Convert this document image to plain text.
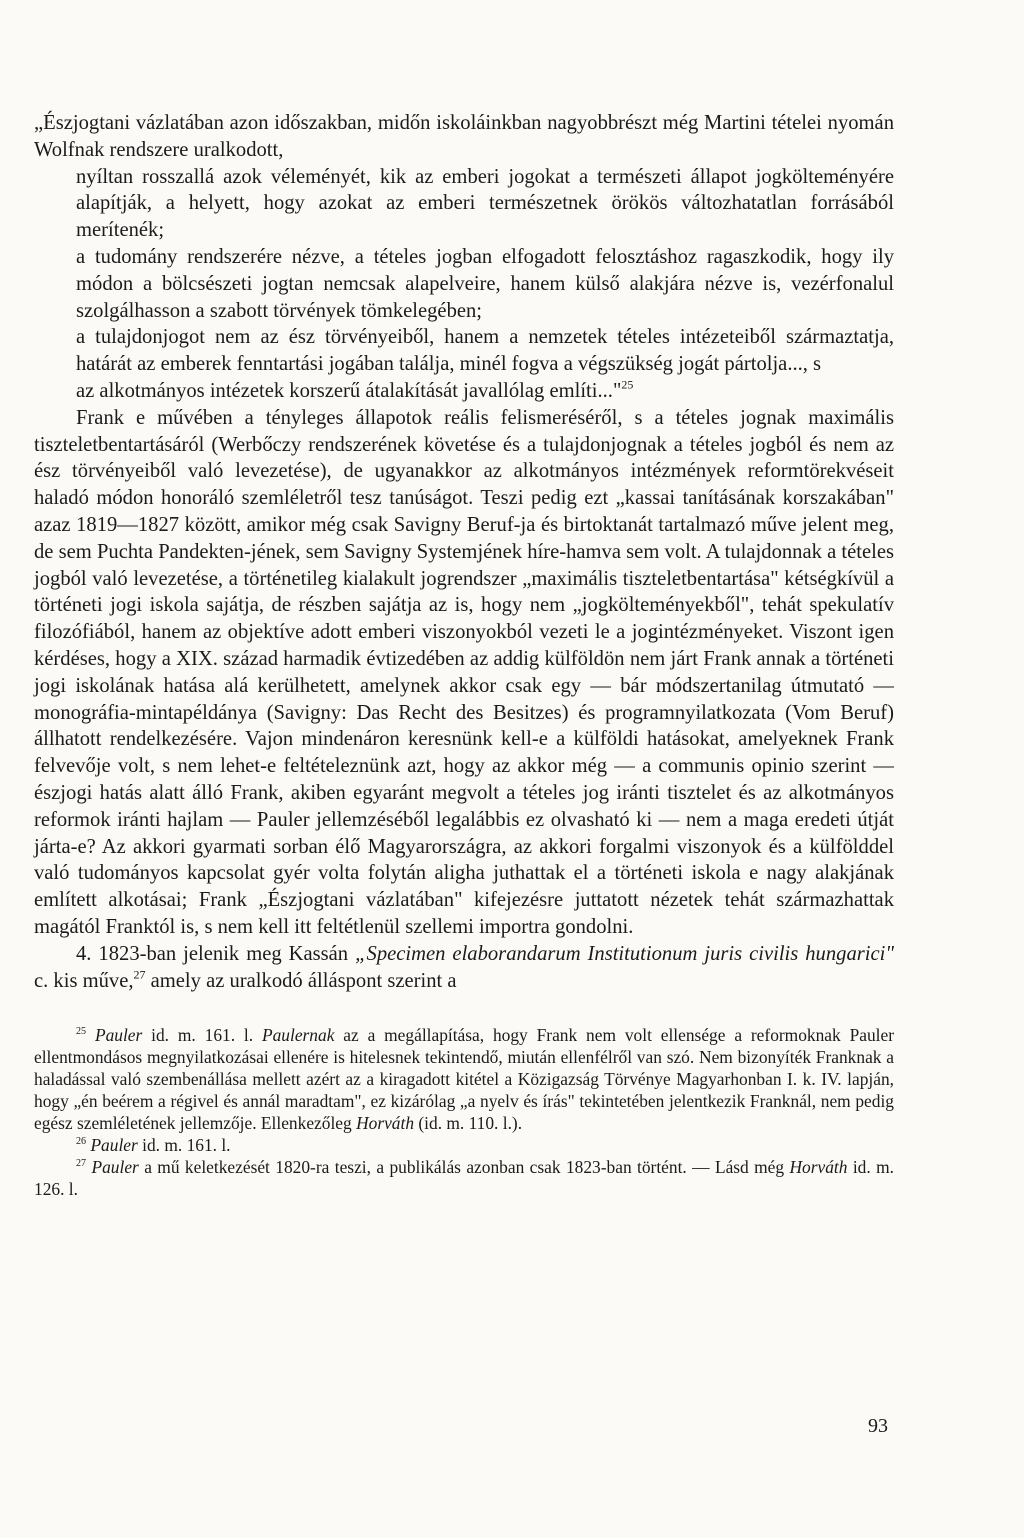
„Észjogtani vázlatában azon időszakban, midőn iskoláinkban nagyobbrészt még Martini tételei nyomán Wolfnak rendszere uralkodott,
nyíltan rosszallá azok véleményét, kik az emberi jogokat a természeti állapot jogkölteményére alapítják, a helyett, hogy azokat az emberi természetnek örökös változhatatlan forrásából merítenék;
a tudomány rendszerére nézve, a tételes jogban elfogadott felosztáshoz ragaszkodik, hogy ily módon a bölcsészeti jogtan nemcsak alapelveire, hanem külső alakjára nézve is, vezérfonalul szolgálhasson a szabott törvények tömkelegében;
a tulajdonjogot nem az ész törvényeiből, hanem a nemzetek tételes intézeteiből származtatja, határát az emberek fenntartási jogában találja, minél fogva a végszükség jogát pártolja..., s
az alkotmányos intézetek korszerű átalakítását javallólag említi..."$^{25}$
Frank e művében a tényleges állapotok reális felismeréséről, s a tételes jognak maximális tiszteletbentartásáról (Werbőczy rendszerének követése és a tulajdonjognak a tételes jogból és nem az ész törvényeiből való levezetése), de ugyanakkor az alkotmányos intézmények reformtörekvéseit haladó módon honoráló szemléletről tesz tanúságot. Teszi pedig ezt „kassai tanításának korszakában" azaz 1819—1827 között, amikor még csak Savigny Beruf-ja és birtoktanát tartalmazó műve jelent meg, de sem Puchta Pandekten-jének, sem Savigny Systemjének híre-hamva sem volt. A tulajdonnak a tételes jogból való levezetése, a történetileg kialakult jogrendszer „maximális tiszteletbentartása" kétségkívül a történeti jogi iskola sajátja, de részben sajátja az is, hogy nem „jogkölteményekből", tehát spekulatív filozófiából, hanem az objektíve adott emberi viszonyokból vezeti le a jogintézményeket. Viszont igen kérdéses, hogy a XIX. század harmadik évtizedében az addig külföldön nem járt Frank annak a történeti jogi iskolának hatása alá kerülhetett, amelynek akkor csak egy — bár módszertanilag útmutató — monográfia-mintapéldánya (Savigny: Das Recht des Besitzes) és programnyilatkozata (Vom Beruf) állhatott rendelkezésére. Vajon mindenáron keresnünk kell-e a külföldi hatásokat, amelyeknek Frank felvevője volt, s nem lehet-e feltételeznünk azt, hogy az akkor még — a communis opinio szerint — észjogi hatás alatt álló Frank, akiben egyaránt megvolt a tételes jog iránti tisztelet és az alkotmányos reformok iránti hajlam — Pauler jellemzéséből legalábbis ez olvasható ki — nem a maga eredeti útját járta-e? Az akkori gyarmati sorban élő Magyarországra, az akkori forgalmi viszonyok és a külfölddel való tudományos kapcsolat gyér volta folytán aligha juthattak el a történeti iskola e nagy alakjának említett alkotásai; Frank „Észjogtani vázlatában" kifejezésre juttatott nézetek tehát származhattak magától Franktól is, s nem kell itt feltétlenül szellemi importra gondolni.
4. 1823-ban jelenik meg Kassán „Specimen elaborandarum Institutionum juris civilis hungarici" c. kis műve,$^{27}$ amely az uralkodó álláspont szerint a
$^{25}$ Pauler id. m. 161. l. Paulernak az a megállapítása, hogy Frank nem volt ellensége a reformoknak Pauler ellentmondásos megnyilatkozásai ellenére is hitelesnek tekintendő, miután ellenfélről van szó. Nem bizonyíték Franknak a haladással való szembenállása mellett azért az a kiragadott kitétel a Közigazság Törvénye Magyarhonban I. k. IV. lapján, hogy „én beérem a régivel és annál maradtam", ez kizárólag „a nyelv és írás" tekintetében jelentkezik Franknál, nem pedig egész szemléletének jellemzője. Ellenkezőleg Horváth (id. m. 110. l.).
$^{26}$ Pauler id. m. 161. l.
$^{27}$ Pauler a mű keletkezését 1820-ra teszi, a publikálás azonban csak 1823-ban történt. — Lásd még Horváth id. m. 126. l.
93
